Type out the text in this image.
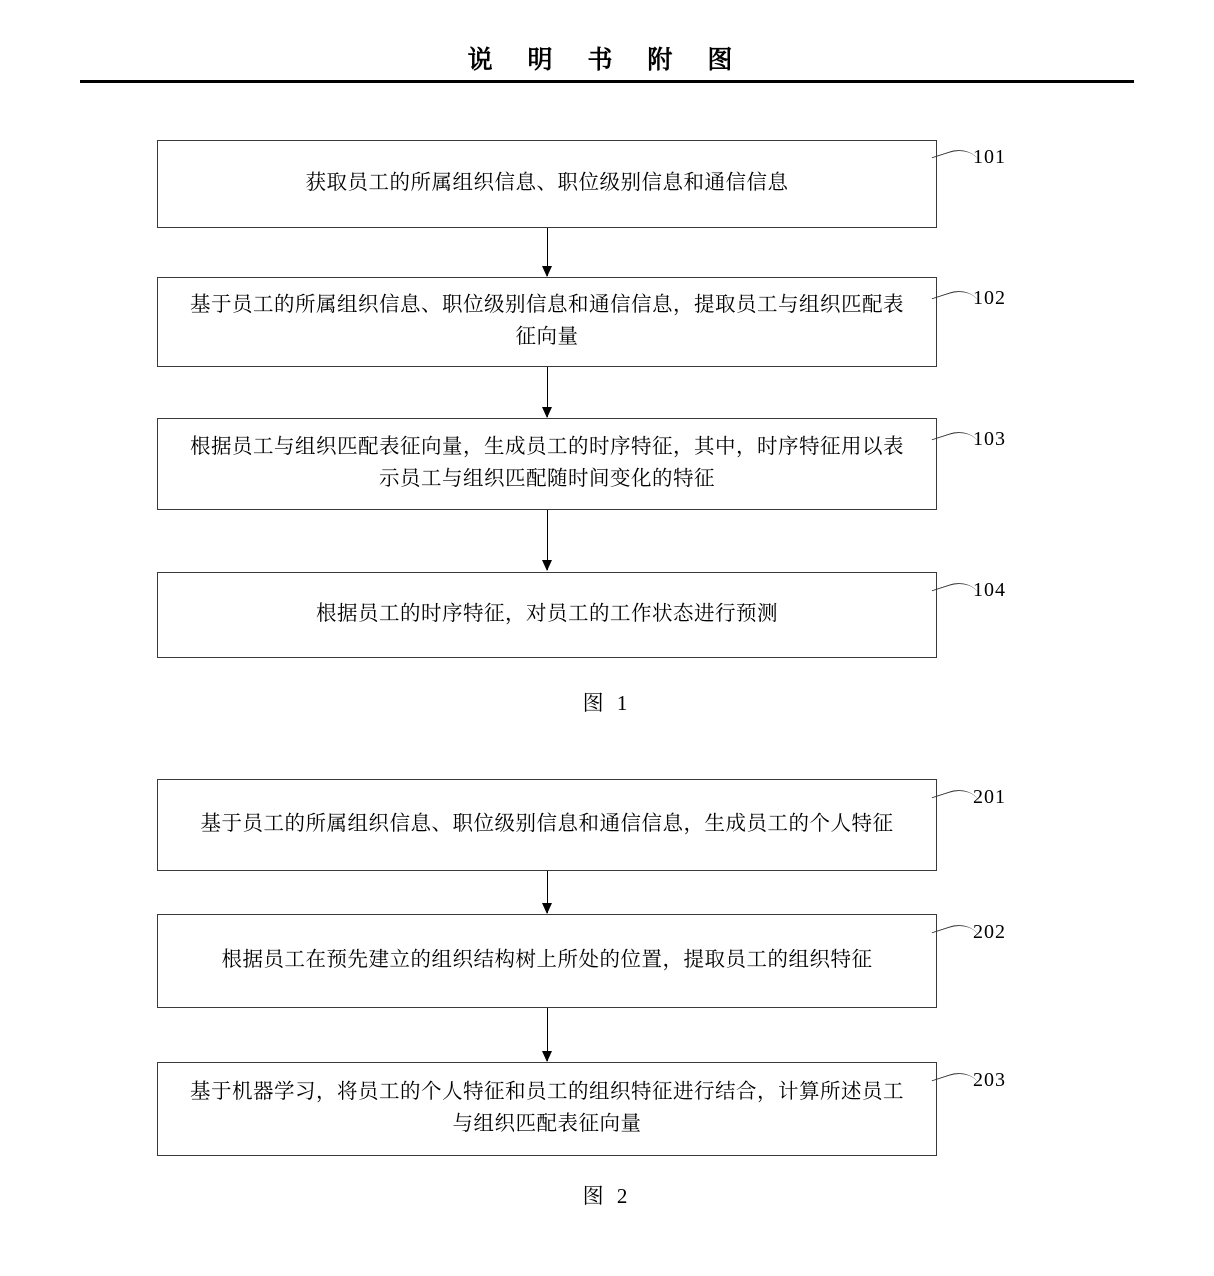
说 明 书 附 图
获取员工的所属组织信息、职位级别信息和通信信息
101
基于员工的所属组织信息、职位级别信息和通信信息，提取员工与组织匹配表征向量
102
根据员工与组织匹配表征向量，生成员工的时序特征，其中，时序特征用以表示员工与组织匹配随时间变化的特征
103
根据员工的时序特征，对员工的工作状态进行预测
104
图 1
基于员工的所属组织信息、职位级别信息和通信信息，生成员工的个人特征
201
根据员工在预先建立的组织结构树上所处的位置，提取员工的组织特征
202
基于机器学习，将员工的个人特征和员工的组织特征进行结合，计算所述员工与组织匹配表征向量
203
图 2
